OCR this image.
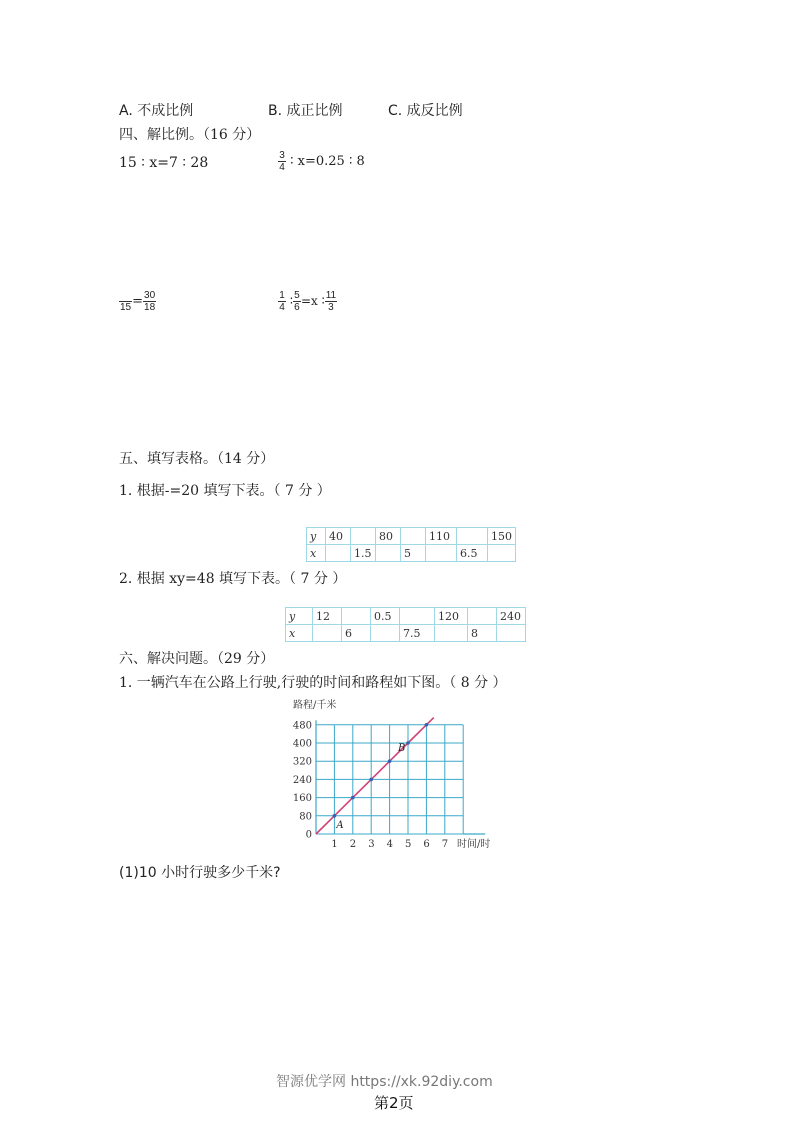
A. 不成比例	B. 成正比例	C. 成反比例
四、解比例。（16 分）
15 ∶ x=7 ∶ 28	$\frac{3}{4}$ ∶ x=0.25 ∶ 8
$15 = \frac{30}{18}$	$\frac{1}{4}$ ∶ $\frac{5}{6} =x$ ∶ $\frac{11}{3}$
五、填写表格。（14 分）
1. 根据-=20 填写下表。（ 7 分 ）
y	40		80		110		150
x		1.5		5		6.5	
2. 根据 xy=48 填写下表。（ 7 分 ）
y	12		0.5		120		240
x		6		7.5		8	
六、解决问题。（29 分）
1. 一辆汽车在公路上行驶,行驶的时间和路程如下图。（ 8 分 ）
路程/千米
时间/时
1 2 3 4 5 6 7
0
80
160
240
320
400
480
A
B
(1)10 小时行驶多少千米?
智源优学网 https://xk.92diy.com
第2页
